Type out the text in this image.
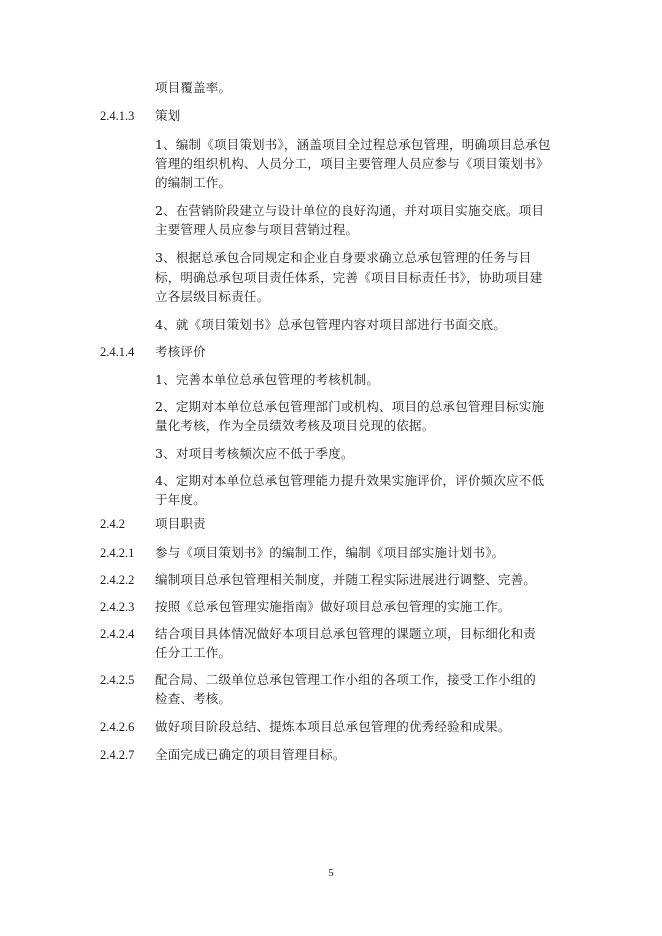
2.4.1.3
2.4.1.4
2.4.2
2.4.2.1
2.4.2.2
2.4.2.3
2.4.2.4
2.4.2.5
2.4.2.6
2.4.2.7
项目覆盖率。
策划
1、编制《项目策划书》，涵盖项目全过程总承包管理，明确项目总承包
管理的组织机构、人员分工，项目主要管理人员应参与《项目策划书》
的编制工作。
2、在营销阶段建立与设计单位的良好沟通，并对项目实施交底。项目
主要管理人员应参与项目营销过程。
3、根据总承包合同规定和企业自身要求确立总承包管理的任务与目
标，明确总承包项目责任体系，完善《项目目标责任书》，协助项目建
立各层级目标责任。
4、就《项目策划书》总承包管理内容对项目部进行书面交底。
考核评价
1、完善本单位总承包管理的考核机制。
2、定期对本单位总承包管理部门或机构、项目的总承包管理目标实施
量化考核，作为全员绩效考核及项目兑现的依据。
3、对项目考核频次应不低于季度。
4、定期对本单位总承包管理能力提升效果实施评价，评价频次应不低
于年度。
项目职责
参与《项目策划书》的编制工作，编制《项目部实施计划书》。
编制项目总承包管理相关制度，并随工程实际进展进行调整、完善。
按照《总承包管理实施指南》做好项目总承包管理的实施工作。
结合项目具体情况做好本项目总承包管理的课题立项，目标细化和责
任分工工作。
配合局、二级单位总承包管理工作小组的各项工作，接受工作小组的
检查、考核。
做好项目阶段总结、提炼本项目总承包管理的优秀经验和成果。
全面完成已确定的项目管理目标。
5
